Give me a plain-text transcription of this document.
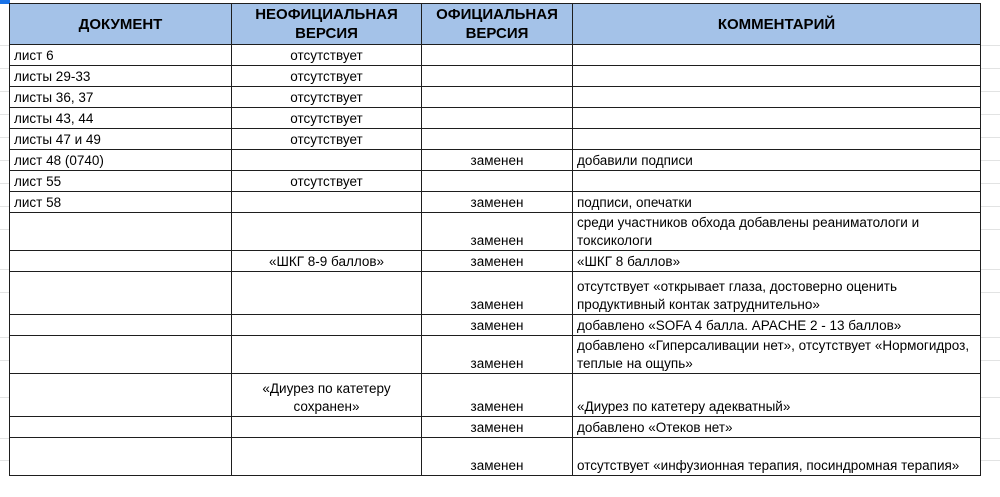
ДОКУМЕНТ	НЕОФИЦИАЛЬНАЯ ВЕРСИЯ	ОФИЦИАЛЬНАЯ ВЕРСИЯ	КОММЕНТАРИЙ
лист 6	отсутствует		
листы 29-33	отсутствует		
листы 36, 37	отсутствует		
листы 43, 44	отсутствует		
листы 47 и 49	отсутствует		
лист 48 (0740)		заменен	добавили подписи
лист 55	отсутствует		
лист 58		заменен	подписи, опечатки
		заменен	среди участников обхода добавлены реаниматологи и токсикологи
	«ШКГ 8-9 баллов»	заменен	«ШКГ 8 баллов»
		заменен	отсутствует «открывает глаза, достоверно оценить продуктивный контак затруднительно»
		заменен	добавлено «SOFA 4 балла. APACHE 2 - 13 баллов»
		заменен	добавлено «Гиперсаливации нет», отсутствует «Нормогидроз, теплые на ощупь»
	«Диурез по катетеру сохранен»	заменен	«Диурез по катетеру адекватный»
		заменен	добавлено «Отеков нет»
		заменен	отсутствует «инфузионная терапия, посиндромная терапия»
